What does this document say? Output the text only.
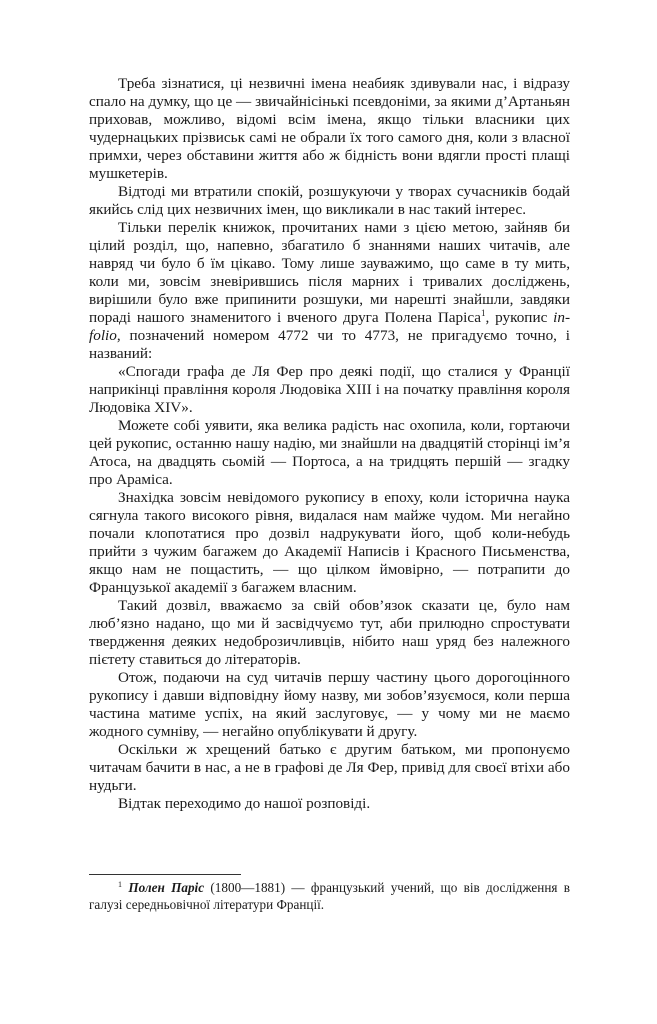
Треба зізнатися, ці незвичні імена неабияк здивували нас, і відразу спало на думку, що це — звичайнісінькі псевдоніми, за якими д’Артаньян приховав, можливо, відомі всім імена, якщо тільки власники цих чудернацьких прізвиськ самі не обрали їх того самого дня, коли з власної примхи, через обставини життя або ж бідність вони вдягли прості плащі мушкетерів.

Відтоді ми втратили спокій, розшукуючи у творах сучасників бодай якийсь слід цих незвичних імен, що викликали в нас такий інтерес.

Тільки перелік книжок, прочитаних нами з цією метою, зайняв би цілий розділ, що, напевно, збагатило б знаннями наших читачів, але навряд чи було б їм цікаво. Тому лише зауважимо, що саме в ту мить, коли ми, зовсім зневірившись після марних і тривалих досліджень, вирішили було вже припинити розшуки, ми нарешті знайшли, завдяки пораді нашого знаменитого і вченого друга Полена Паріса$^1$, рукопис in-folio, позначений номером 4772 чи то 4773, не пригадуємо точно, і названий:

«Спогади графа де Ля Фер про деякі події, що сталися у Франції наприкінці правління короля Людовіка XIII і на початку правління короля Людовіка XIV».

Можете собі уявити, яка велика радість нас охопила, коли, гортаючи цей рукопис, останню нашу надію, ми знайшли на двадцятій сторінці ім’я Атоса, на двадцять сьомій — Портоса, а на тридцять першій — згадку про Араміса.

Знахідка зовсім невідомого рукопису в епоху, коли історична наука сягнула такого високого рівня, видалася нам майже чудом. Ми негайно почали клопотатися про дозвіл надрукувати його, щоб коли-небудь прийти з чужим багажем до Академії Написів і Красного Письменства, якщо нам не пощастить, — що цілком ймовірно, — потрапити до Французької академії з багажем власним.

Такий дозвіл, вважаємо за свій обов’язок сказати це, було нам люб’язно надано, що ми й засвідчуємо тут, аби прилюдно спростувати твердження деяких недоброзичливців, нібито наш уряд без належного пієтету ставиться до літераторів.

Отож, подаючи на суд читачів першу частину цього дорогоцінного рукопису і давши відповідну йому назву, ми зобов’язуємося, коли перша частина матиме успіх, на який заслуговує, — у чому ми не маємо жодного сумніву, — негайно опублікувати й другу.

Оскільки ж хрещений батько є другим батьком, ми пропонуємо читачам бачити в нас, а не в графові де Ля Фер, привід для своєї втіхи або нудьги.

Відтак переходимо до нашої розповіді.

$^1$ Полен Паріс (1800—1881) — французький учений, що вів дослідження в галузі середньовічної літератури Франції.
